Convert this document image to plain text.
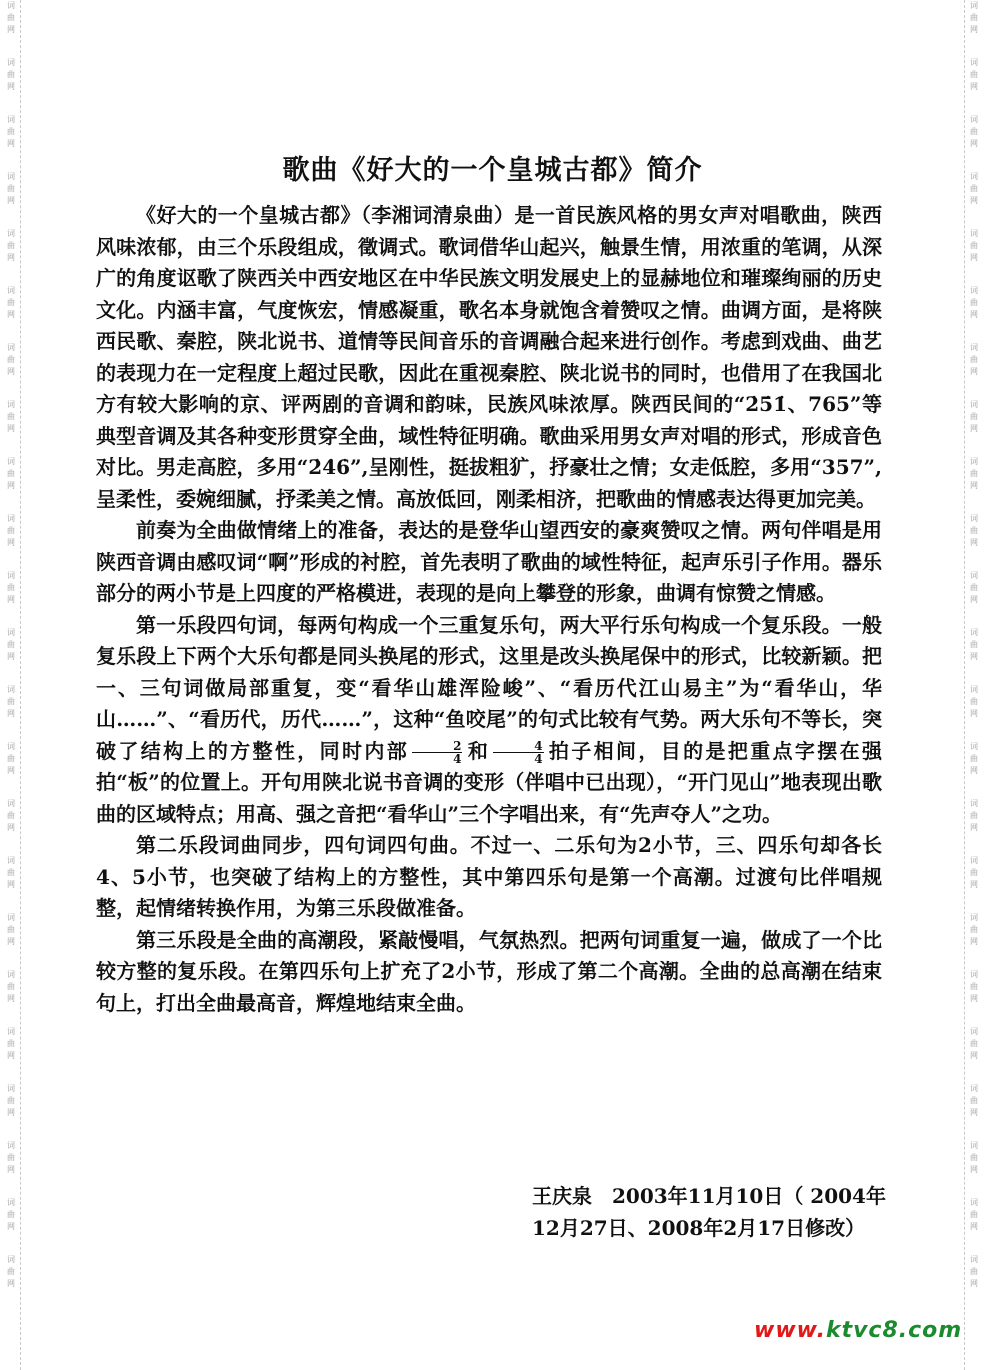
词
曲
网
词
曲
网
词
曲
网
词
曲
网
词
曲
网
词
曲
网
词
曲
网
词
曲
网
词
曲
网
词
曲
网
词
曲
网
词
曲
网
词
曲
网
词
曲
网
词
曲
网
词
曲
网
词
曲
网
词
曲
网
词
曲
网
词
曲
网
词
曲
网
词
曲
网
词
曲
网
词
曲
网
词
曲
网
词
曲
网
词
曲
网
词
曲
网
词
曲
网
词
曲
网
词
曲
网
词
曲
网
词
曲
网
词
曲
网
词
曲
网
词
曲
网
词
曲
网
词
曲
网
词
曲
网
词
曲
网
词
曲
网
词
曲
网
词
曲
网
词
曲
网
词
曲
网
词
曲
网
歌曲《好大的一个皇城古都》简介

《好大的一个皇城古都》（李湘词清泉曲）是一首民族风格的男女声对唱歌曲，陕西风味浓郁，由三个乐段组成，徵调式。歌词借华山起兴，触景生情，用浓重的笔调，从深广的角度讴歌了陕西关中西安地区在中华民族文明发展史上的显赫地位和璀璨绚丽的历史文化。内涵丰富，气度恢宏，情感凝重，歌名本身就饱含着赞叹之情。曲调方面，是将陕西民歌、秦腔，陕北说书、道情等民间音乐的音调融合起来进行创作。考虑到戏曲、曲艺的表现力在一定程度上超过民歌，因此在重视秦腔、陕北说书的同时，也借用了在我国北方有较大影响的京、评两剧的音调和韵味，民族风味浓厚。陕西民间的“2̇5̇1̇、765”等典型音调及其各种变形贯穿全曲，域性特征明确。歌曲采用男女声对唱的形式，形成音色对比。男走高腔，多用“2̇4̇6̇”,呈刚性，挺拔粗犷，抒豪壮之情；女走低腔，多用“357”,呈柔性，委婉细腻，抒柔美之情。高放低回，刚柔相济，把歌曲的情感表达得更加完美。

前奏为全曲做情绪上的准备，表达的是登华山望西安的豪爽赞叹之情。两句伴唱是用陕西音调由感叹词“啊”形成的衬腔，首先表明了歌曲的域性特征，起声乐引子作用。器乐部分的两小节是上四度的严格模进，表现的是向上攀登的形象，曲调有惊赞之情感。

第一乐段四句词，每两句构成一个三重复乐句，两大平行乐句构成一个复乐段。一般复乐段上下两个大乐句都是同头换尾的形式，这里是改头换尾保中的形式，比较新颖。把一、三句词做局部重复，变“看华山雄浑险峻”、“看历代江山易主”为“看华山，华山……”、“看历代，历代……”，这种“鱼咬尾”的句式比较有气势。两大乐句不等长，突破了结构上的方整性，同时内部 $\frac{2}{4}$ 和 $\frac{4}{4}$ 拍子相间，目的是把重点字摆在强拍“板”的位置上。开句用陕北说书音调的变形（伴唱中已出现），“开门见山”地表现出歌曲的区域特点；用高、强之音把“看华山”三个字唱出来，有“先声夺人”之功。

第二乐段词曲同步，四句词四句曲。不过一、二乐句为2小节，三、四乐句却各长4、5小节，也突破了结构上的方整性，其中第四乐句是第一个高潮。过渡句比伴唱规整，起情绪转换作用，为第三乐段做准备。

第三乐段是全曲的高潮段，紧敲慢唱，气氛热烈。把两句词重复一遍，做成了一个比较方整的复乐段。在第四乐句上扩充了2小节，形成了第二个高潮。全曲的总高潮在结束句上，打出全曲最高音，辉煌地结束全曲。

王庆泉　2003年11月10日（ 2004年
12月27日、2008年2月17日修改）
www.ktvc8.com
